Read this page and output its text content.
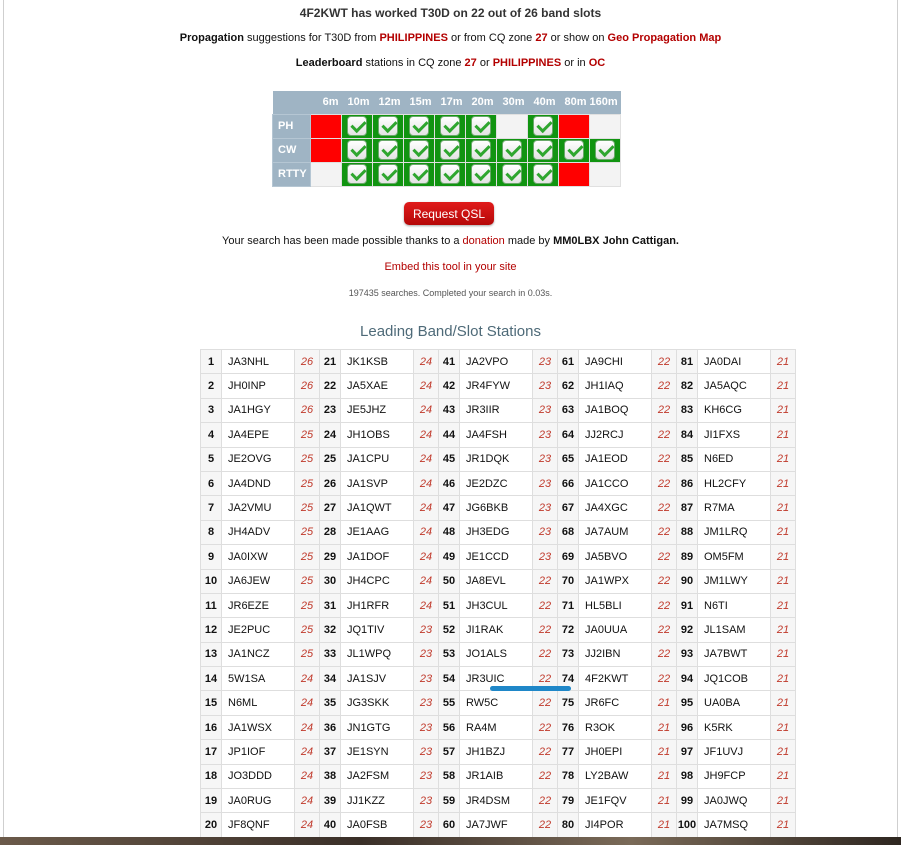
4F2KWT has worked T30D on 22 out of 26 band slots
Propagation suggestions for T30D from PHILIPPINES or from CQ zone 27 or show on Geo Propagation Map
Leaderboard stations in CQ zone 27 or PHILIPPINES or in OC
	6m	10m	12m	15m	17m	20m	30m	40m	80m	160m
PH										
CW										
RTTY										
Request QSL
Your search has been made possible thanks to a donation made by MM0LBX John Cattigan.
Embed this tool in your site
197435 searches. Completed your search in 0.03s.
Leading Band/Slot Stations
1	JA3NHL	26	21	JK1KSB	24	41	JA2VPO	23	61	JA9CHI	22	81	JA0DAI	21
2	JH0INP	26	22	JA5XAE	24	42	JR4FYW	23	62	JH1IAQ	22	82	JA5AQC	21
3	JA1HGY	26	23	JE5JHZ	24	43	JR3IIR	23	63	JA1BOQ	22	83	KH6CG	21
4	JA4EPE	25	24	JH1OBS	24	44	JA4FSH	23	64	JJ2RCJ	22	84	JI1FXS	21
5	JE2OVG	25	25	JA1CPU	24	45	JR1DQK	23	65	JA1EOD	22	85	N6ED	21
6	JA4DND	25	26	JA1SVP	24	46	JE2DZC	23	66	JA1CCO	22	86	HL2CFY	21
7	JA2VMU	25	27	JA1QWT	24	47	JG6BKB	23	67	JA4XGC	22	87	R7MA	21
8	JH4ADV	25	28	JE1AAG	24	48	JH3EDG	23	68	JA7AUM	22	88	JM1LRQ	21
9	JA0IXW	25	29	JA1DOF	24	49	JE1CCD	23	69	JA5BVO	22	89	OM5FM	21
10	JA6JEW	25	30	JH4CPC	24	50	JA8EVL	22	70	JA1WPX	22	90	JM1LWY	21
11	JR6EZE	25	31	JH1RFR	24	51	JH3CUL	22	71	HL5BLI	22	91	N6TI	21
12	JE2PUC	25	32	JQ1TIV	23	52	JI1RAK	22	72	JA0UUA	22	92	JL1SAM	21
13	JA1NCZ	25	33	JL1WPQ	23	53	JO1ALS	22	73	JJ2IBN	22	93	JA7BWT	21
14	5W1SA	24	34	JA1SJV	23	54	JR3UIC	22	74	4F2KWT	22	94	JQ1COB	21
15	N6ML	24	35	JG3SKK	23	55	RW5C	22	75	JR6FC	21	95	UA0BA	21
16	JA1WSX	24	36	JN1GTG	23	56	RA4M	22	76	R3OK	21	96	K5RK	21
17	JP1IOF	24	37	JE1SYN	23	57	JH1BZJ	22	77	JH0EPI	21	97	JF1UVJ	21
18	JO3DDD	24	38	JA2FSM	23	58	JR1AIB	22	78	LY2BAW	21	98	JH9FCP	21
19	JA0RUG	24	39	JJ1KZZ	23	59	JR4DSM	22	79	JE1FQV	21	99	JA0JWQ	21
20	JF8QNF	24	40	JA0FSB	23	60	JA7JWF	22	80	JI4POR	21	100	JA7MSQ	21
